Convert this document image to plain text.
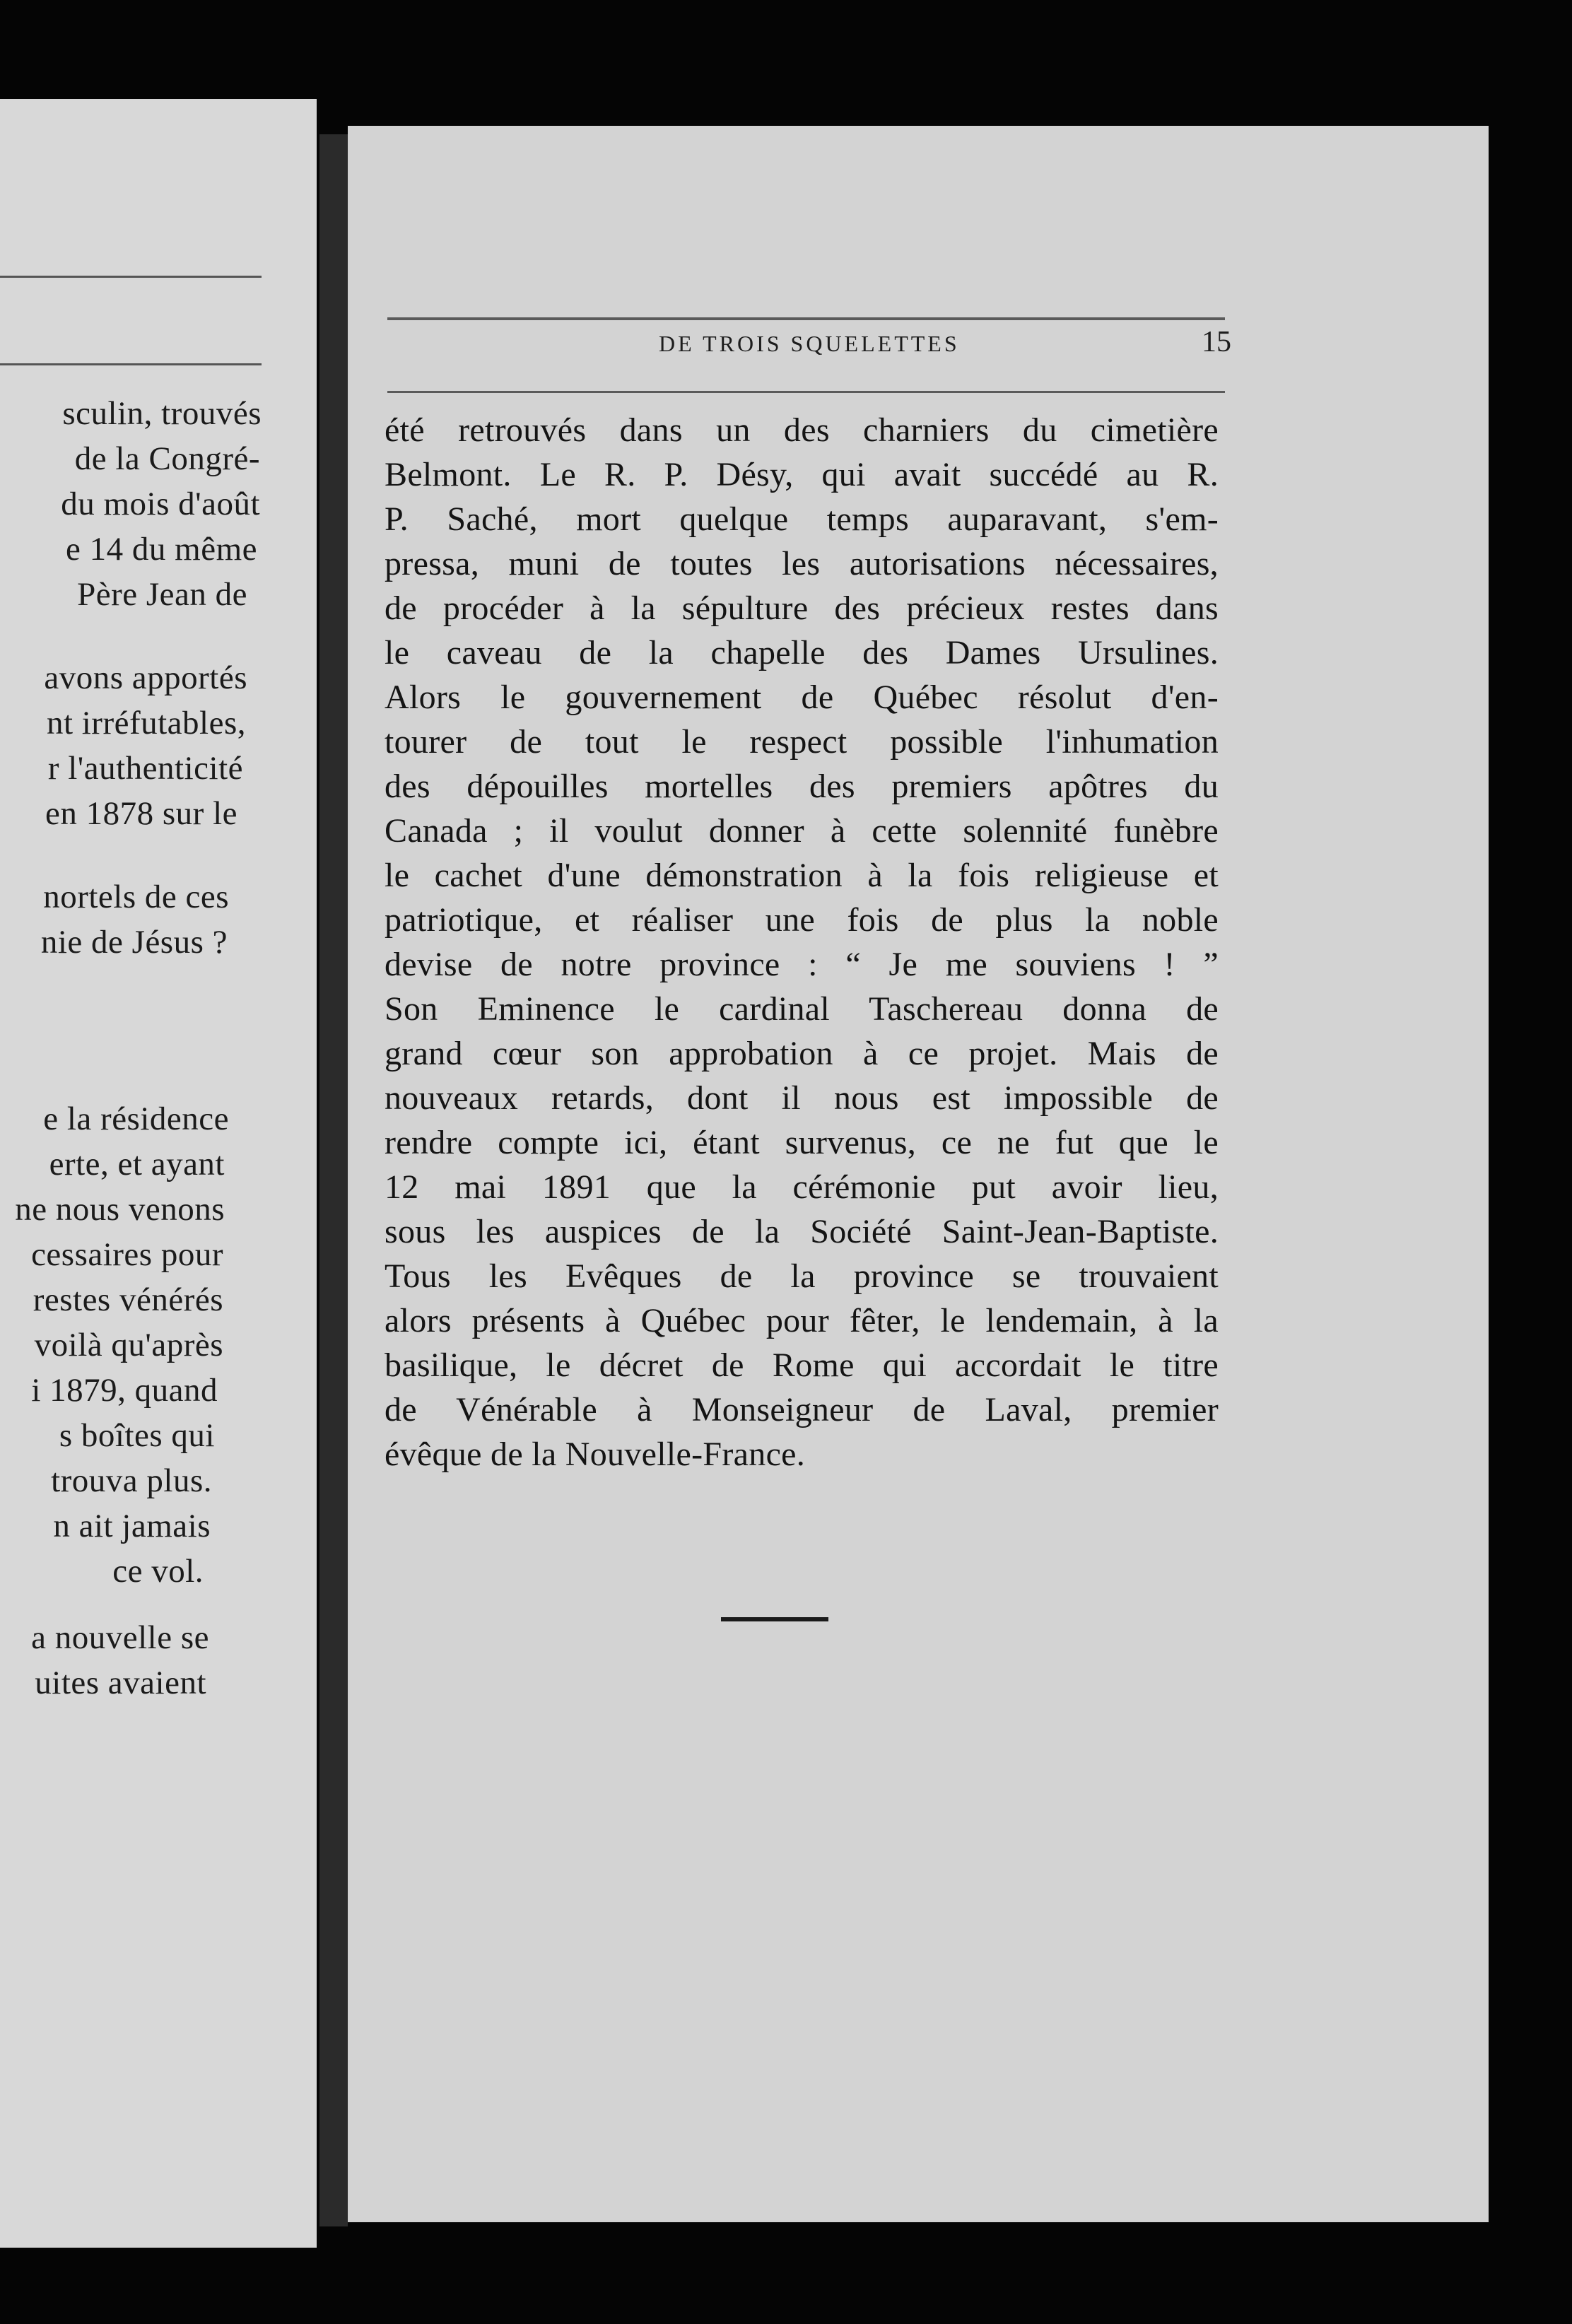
sculin, trouvés
de la Congré-
du mois d'août
e 14 du même
Père Jean de
avons apportés
nt irréfutables,
r l'authenticité
en 1878 sur le
nortels de ces
nie de Jésus ?
e la résidence
erte, et ayant
ne nous venons
cessaires pour
restes vénérés
voilà qu'après
i 1879, quand
s boîtes qui
trouva plus.
n ait jamais
ce vol.
a nouvelle se
uites avaient
DE TROIS SQUELETTES	15
été retrouvés dans un des charniers du cimetière
Belmont. Le R. P. Désy, qui avait succédé au R.
P. Saché, mort quelque temps auparavant, s'em-
pressa, muni de toutes les autorisations nécessaires,
de procéder à la sépulture des précieux restes dans
le caveau de la chapelle des Dames Ursulines.
Alors le gouvernement de Québec résolut d'en-
tourer de tout le respect possible l'inhumation
des dépouilles mortelles des premiers apôtres du
Canada ; il voulut donner à cette solennité funèbre
le cachet d'une démonstration à la fois religieuse et
patriotique, et réaliser une fois de plus la noble
devise de notre province : “ Je me souviens ! ”
Son Eminence le cardinal Taschereau donna de
grand cœur son approbation à ce projet. Mais de
nouveaux retards, dont il nous est impossible de
rendre compte ici, étant survenus, ce ne fut que le
12 mai 1891 que la cérémonie put avoir lieu,
sous les auspices de la Société Saint-Jean-Baptiste.
Tous les Evêques de la province se trouvaient
alors présents à Québec pour fêter, le lendemain, à la
basilique, le décret de Rome qui accordait le titre
de Vénérable à Monseigneur de Laval, premier
évêque de la Nouvelle-France.
